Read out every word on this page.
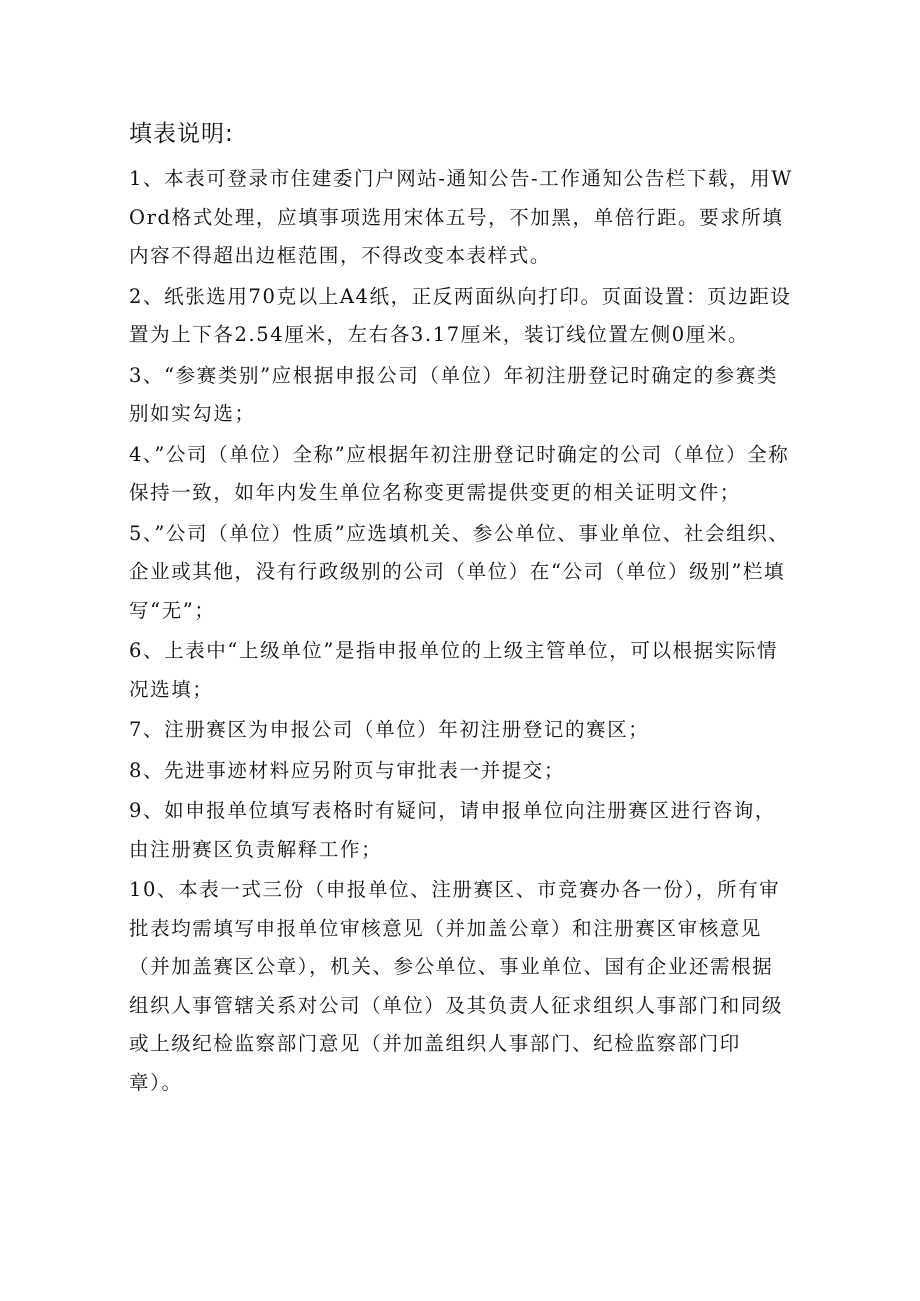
填表说明:
1、本表可登录市住建委门户网站-通知公告-工作通知公告栏下载，用WOrd格式处理，应填事项选用宋体五号，不加黑，单倍行距。要求所填内容不得超出边框范围，不得改变本表样式。
2、纸张选用70克以上A4纸，正反两面纵向打印。页面设置：页边距设置为上下各2.54厘米，左右各3.17厘米，装订线位置左侧0厘米。
3、“参赛类别”应根据申报公司（单位）年初注册登记时确定的参赛类别如实勾选；
4、”公司（单位）全称”应根据年初注册登记时确定的公司（单位）全称保持一致，如年内发生单位名称变更需提供变更的相关证明文件；
5、”公司（单位）性质”应选填机关、参公单位、事业单位、社会组织、企业或其他，没有行政级别的公司（单位）在“公司（单位）级别”栏填写“无”；
6、上表中“上级单位”是指申报单位的上级主管单位，可以根据实际情况选填；
7、注册赛区为申报公司（单位）年初注册登记的赛区；
8、先进事迹材料应另附页与审批表一并提交；
9、如申报单位填写表格时有疑问，请申报单位向注册赛区进行咨询，由注册赛区负责解释工作；
10、本表一式三份（申报单位、注册赛区、市竞赛办各一份），所有审批表均需填写申报单位审核意见（并加盖公章）和注册赛区审核意见（并加盖赛区公章），机关、参公单位、事业单位、国有企业还需根据组织人事管辖关系对公司（单位）及其负责人征求组织人事部门和同级或上级纪检监察部门意见（并加盖组织人事部门、纪检监察部门印章）。
